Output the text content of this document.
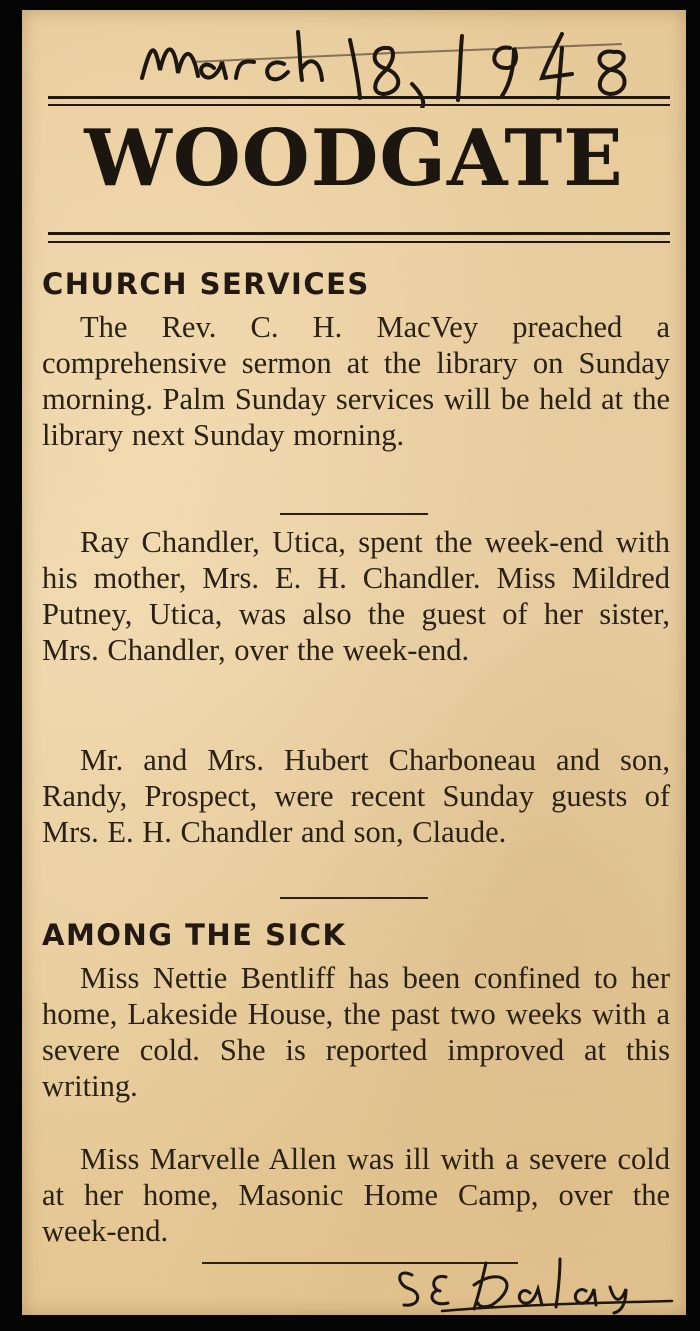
WOODGATE
CHURCH SERVICES
The Rev. C. H. MacVey preached a comprehensive sermon at the library on Sunday morning. Palm Sunday services will be held at the library next Sunday morning.
Ray Chandler, Utica, spent the week-end with his mother, Mrs. E. H. Chandler. Miss Mildred Putney, Utica, was also the guest of her sister, Mrs. Chandler, over the week-end.
Mr. and Mrs. Hubert Charboneau and son, Randy, Prospect, were recent Sunday guests of Mrs. E. H. Chandler and son, Claude.
AMONG THE SICK
Miss Nettie Bentliff has been confined to her home, Lakeside House, the past two weeks with a severe cold. She is reported improved at this writing.
Miss Marvelle Allen was ill with a severe cold at her home, Masonic Home Camp, over the week-end.
